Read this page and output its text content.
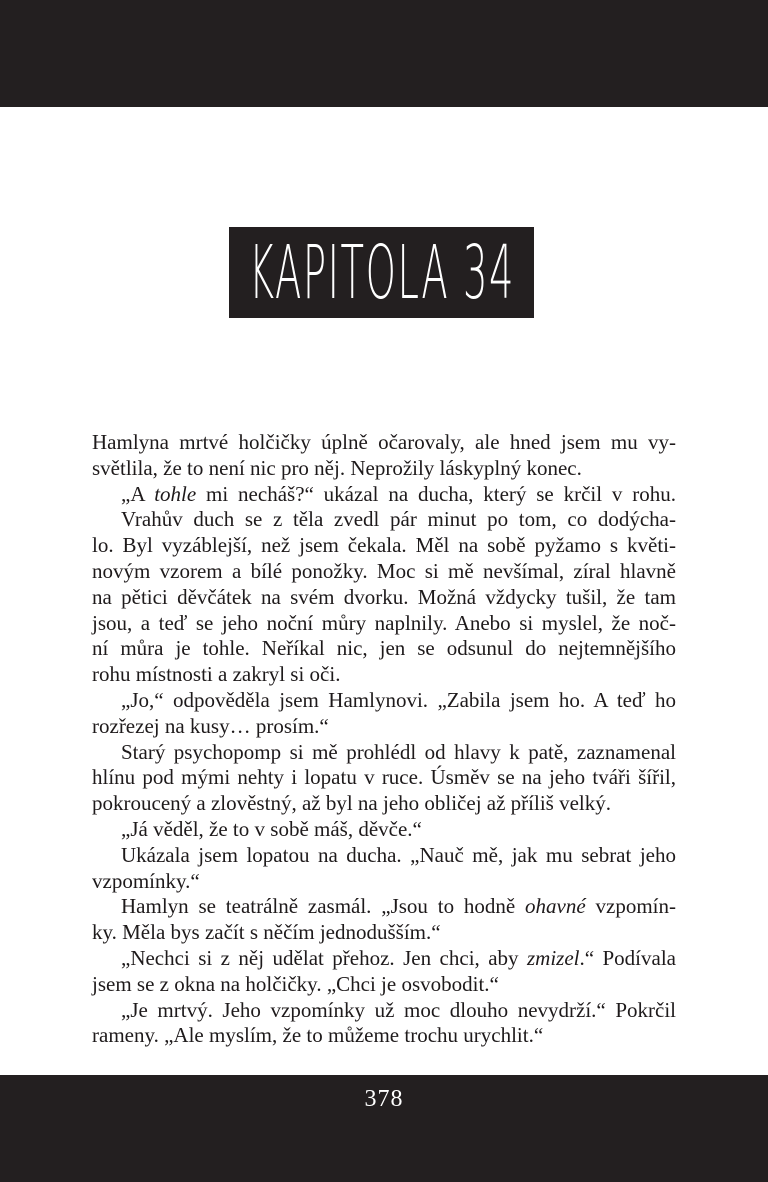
KAPITOLA 34
Hamlyna mrtvé holčičky úplně očarovaly, ale hned jsem mu vy-
světlila, že to není nic pro něj. Neprožily láskyplný konec.
„A tohle mi necháš?“ ukázal na ducha, který se krčil v rohu.
Vrahův duch se z těla zvedl pár minut po tom, co dodýcha-
lo. Byl vyzáblejší, než jsem čekala. Měl na sobě pyžamo s květi-
novým vzorem a bílé ponožky. Moc si mě nevšímal, zíral hlavně
na pětici děvčátek na svém dvorku. Možná vždycky tušil, že tam
jsou, a teď se jeho noční můry naplnily. Anebo si myslel, že noč-
ní můra je tohle. Neříkal nic, jen se odsunul do nejtemnějšího
rohu místnosti a zakryl si oči.
„Jo,“ odpověděla jsem Hamlynovi. „Zabila jsem ho. A teď ho
rozřezej na kusy… prosím.“
Starý psychopomp si mě prohlédl od hlavy k patě, zaznamenal
hlínu pod mými nehty i lopatu v ruce. Úsměv se na jeho tváři šířil,
pokroucený a zlověstný, až byl na jeho obličej až příliš velký.
„Já věděl, že to v sobě máš, děvče.“
Ukázala jsem lopatou na ducha. „Nauč mě, jak mu sebrat jeho
vzpomínky.“
Hamlyn se teatrálně zasmál. „Jsou to hodně ohavné vzpomín-
ky. Měla bys začít s něčím jednodušším.“
„Nechci si z něj udělat přehoz. Jen chci, aby zmizel.“ Podívala
jsem se z okna na holčičky. „Chci je osvobodit.“
„Je mrtvý. Jeho vzpomínky už moc dlouho nevydrží.“ Pokrčil
rameny. „Ale myslím, že to můžeme trochu urychlit.“
378
